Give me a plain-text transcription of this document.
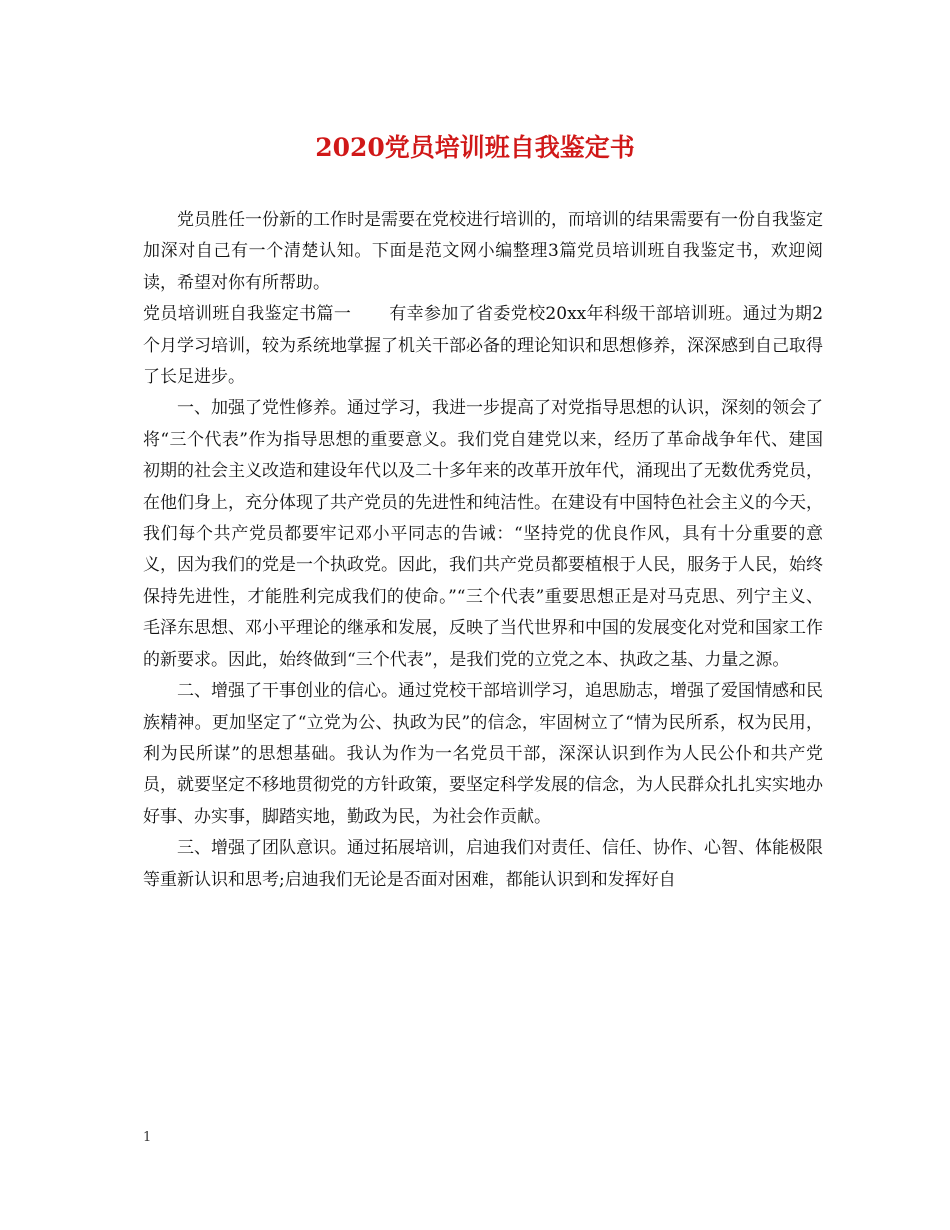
2020党员培训班自我鉴定书

党员胜任一份新的工作时是需要在党校进行培训的，而培训的结果需要有一份自我鉴定加深对自己有一个清楚认知。下面是范文网小编整理3篇党员培训班自我鉴定书，欢迎阅读，希望对你有所帮助。

党员培训班自我鉴定书篇一 有幸参加了省委党校20xx年科级干部培训班。通过为期2个月学习培训，较为系统地掌握了机关干部必备的理论知识和思想修养，深深感到自己取得了长足进步。

一、加强了党性修养。通过学习，我进一步提高了对党指导思想的认识，深刻的领会了将“三个代表”作为指导思想的重要意义。我们党自建党以来，经历了革命战争年代、建国初期的社会主义改造和建设年代以及二十多年来的改革开放年代，涌现出了无数优秀党员，在他们身上，充分体现了共产党员的先进性和纯洁性。在建设有中国特色社会主义的今天，我们每个共产党员都要牢记邓小平同志的告诫：“坚持党的优良作风，具有十分重要的意义，因为我们的党是一个执政党。因此，我们共产党员都要植根于人民，服务于人民，始终保持先进性，才能胜利完成我们的使命。”“三个代表”重要思想正是对马克思、列宁主义、毛泽东思想、邓小平理论的继承和发展，反映了当代世界和中国的发展变化对党和国家工作的新要求。因此，始终做到“三个代表”，是我们党的立党之本、执政之基、力量之源。

二、增强了干事创业的信心。通过党校干部培训学习，追思励志，增强了爱国情感和民族精神。更加坚定了“立党为公、执政为民”的信念，牢固树立了“情为民所系，权为民用，利为民所谋”的思想基础。我认为作为一名党员干部，深深认识到作为人民公仆和共产党员，就要坚定不移地贯彻党的方针政策，要坚定科学发展的信念，为人民群众扎扎实实地办好事、办实事，脚踏实地，勤政为民，为社会作贡献。

三、增强了团队意识。通过拓展培训，启迪我们对责任、信任、协作、心智、体能极限等重新认识和思考;启迪我们无论是否面对困难，都能认识到和发挥好自

1
